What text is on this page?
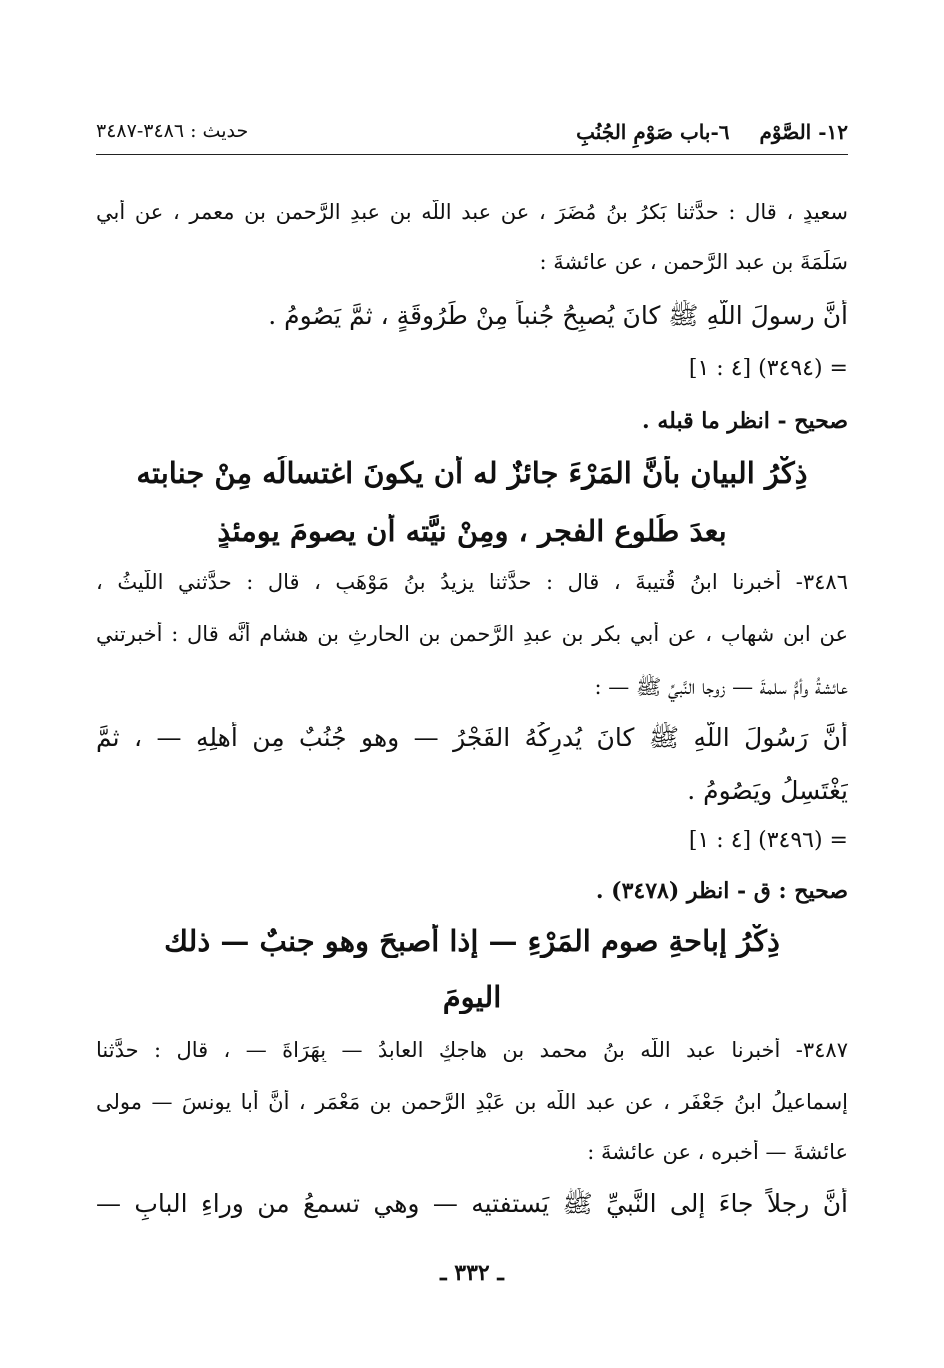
١٢- الصَّوْم٦-باب صَوْمِ الجُنُبِ
حديث : ٣٤٨٦-٣٤٨٧
سعيدٍ ، قال : حدَّثنا بَكرُ بنُ مُضَرَ ، عن عبد اللَّه بنِ عبدِ الرَّحمنِ بنِ معمرٍ ، عن أبي
سَلَمَةَ بنِ عبد الرَّحمن ، عن عائشةَ :
أنَّ رسولَ اللَّهِ ﷺ كانَ يُصبِحُ جُنباً مِنْ طَرُوقَةٍ ، ثمَّ يَصُومُ .
= (٣٤٩٤) [٤ : ١]
صحيح - انظر ما قبله .
ذِكْرُ البيانِ بأنَّ المَرْءَ جائزٌ له أن يكونَ اغتسالُه مِنْ جنابته
بعدَ طُلوعِ الفجرِ ، ومِنْ نيَّته أن يصومَ يومئذٍ
٣٤٨٦- أخبرنا ابنُ قُتيبةَ ، قال : حدَّثنا يزيدُ بنُ مَوْهَبٍ ، قال : حدَّثني اللَّيثُ ،
عن ابنِ شهابٍ ، عن أبي بكرِ بن عبدِ الرَّحمنِ بنِ الحارثِ بن هشام أنَّه قال : أخبرتني
عائشةُ وأمُّ سلمةَ — زوجا النَّبيِّ ﷺ — :
أنَّ رَسُولَ اللَّهِ ﷺ كانَ يُدرِكُهُ الفَجْرُ — وهو جُنُبٌ مِن أهلِهِ — ، ثمَّ
يَغْتَسِلُ ويَصُومُ .
= (٣٤٩٦) [٤ : ١]
صحيح : ق - انظر (٣٤٧٨) .
ذِكْرُ إباحةِ صومِ المَرْءِ — إذا أصبحَ وهو جنبٌ — ذلك
اليومَ
٣٤٨٧- أخبرنا عبد اللَّه بنُ محمد بنِ هاجكٍ العابدُ — بِهَرَاةَ — ، قال : حدَّثنا
إسماعيلُ ابنُ جَعْفَرٍ ، عن عبد اللَّه بنِ عَبْدِ الرَّحمن بن مَعْمَرٍ ، أنَّ أبا يونسَ — مولى
عائشةَ — أخبره ، عن عائشةَ :
أنَّ رجلاً جاءَ إلى النَّبيِّ ﷺ يَستفتيه — وهي تسمعُ من وراءِ البابِ —
ـ ٣٣٢ ـ
